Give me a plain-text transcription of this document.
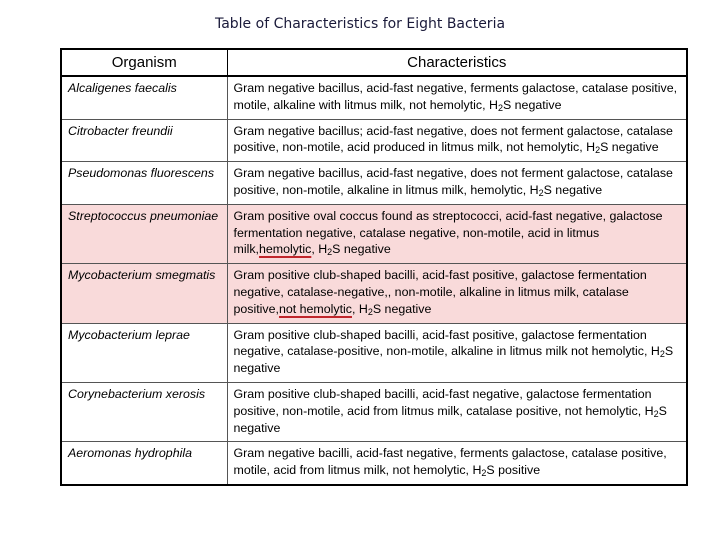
Table of Characteristics for Eight Bacteria
Organism	Characteristics
Alcaligenes faecalis	Gram negative bacillus, acid-fast negative, ferments galactose, catalase positive, motile, alkaline with litmus milk, not hemolytic, $H_2S$ negative
Citrobacter freundii	Gram negative bacillus; acid-fast negative, does not ferment galactose, catalase positive, non-motile, acid produced in litmus milk, not hemolytic, $H_2S$ negative
Pseudomonas fluorescens	Gram negative bacillus, acid-fast negative, does not ferment galactose, catalase positive, non-motile, alkaline in litmus milk, hemolytic, $H_2S$ negative
Streptococcus pneumoniae	Gram positive oval coccus found as streptococci, acid-fast negative, galactose fermentation negative, catalase negative, non-motile, acid in litmus milk,hemolytic, $H_2S$ negative
Mycobacterium smegmatis	Gram positive club-shaped bacilli, acid-fast positive, galactose fermentation negative, catalase-negative,, non-motile, alkaline in litmus milk, catalase positive,not hemolytic, $H_2S$ negative
Mycobacterium leprae	Gram positive club-shaped bacilli, acid-fast positive, galactose fermentation negative, catalase-positive, non-motile, alkaline in litmus milk not hemolytic, $H_2S$ negative
Corynebacterium xerosis	Gram positive club-shaped bacilli, acid-fast negative, galactose fermentation positive, non-motile, acid from litmus milk, catalase positive, not hemolytic, $H_2S$ negative
Aeromonas hydrophila	Gram negative bacilli, acid-fast negative, ferments galactose, catalase positive, motile, acid from litmus milk, not hemolytic, $H_2S$ positive
